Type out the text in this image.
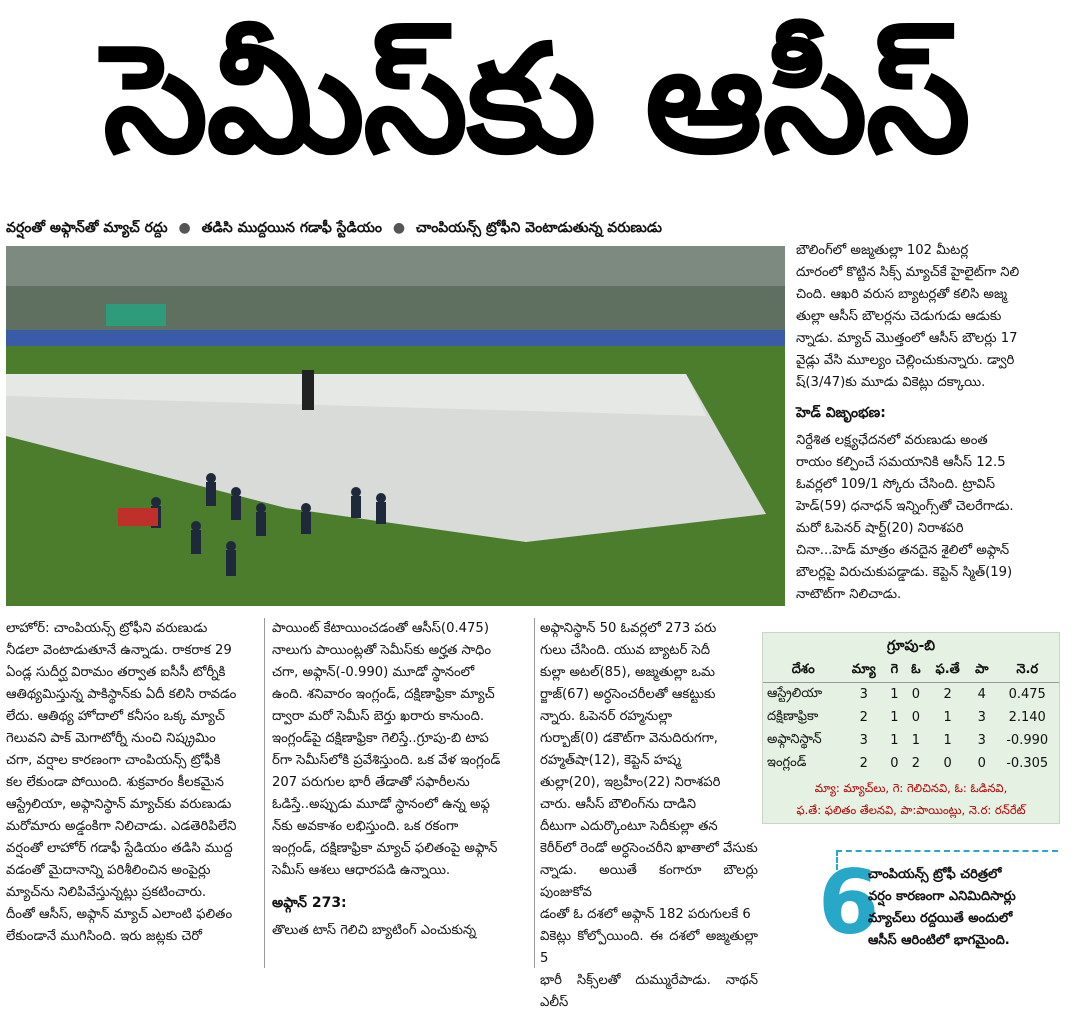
సెమీస్‌కు ఆసీస్
వర్షంతో అఫ్గాన్‌తో మ్యాచ్ రద్దు ● తడిసి ముద్దయిన గడాఫీ స్టేడియం ● చాంపియన్స్ ట్రోఫీని వెంటాడుతున్న వరుణుడు

బౌలింగ్‌లో అజ్మతుల్లా 102 మీటర్ల

దూరంలో కొట్టిన సిక్స్ మ్యాచ్‌కే హైలైట్‌గా నిలి

చింది. ఆఖరి వరుస బ్యాటర్లతో కలిసి అజ్మ

తుల్లా ఆసీస్ బౌలర్లను చెడుగుడు ఆడుకు

న్నాడు. మ్యాచ్ మొత్తంలో ఆసీస్ బౌలర్లు 17

వైడ్లు వేసి మూల్యం చెల్లించుకున్నారు. డ్వారి

ష్(3/47)కు మూడు వికెట్లు దక్కాయి.

హెడ్ విజృంభణ:

నిర్దేశిత లక్ష్యఛేదనలో వరుణుడు అంత

రాయం కల్పించే సమయానికి ఆసీస్ 12.5

ఓవర్లలో 109/1 స్కోరు చేసింది. ట్రావిస్

హెడ్(59) ధనాధన్ ఇన్నింగ్స్‌తో చెలరేగాడు.

మరో ఓపెనర్ షార్ట్(20) నిరాశపరి

చినా...హెడ్ మాత్రం తనదైన శైలిలో అఫ్గాన్

బౌలర్లపై విరుచుకుపడ్డాడు. కెప్టెన్ స్మిత్(19)

నాటౌట్‌గా నిలిచాడు.

లాహోర్: చాంపియన్స్ ట్రోఫీని వరుణుడు

నీడలా వెంటాడుతూనే ఉన్నాడు. రాకరాక 29

ఏండ్ల సుదీర్ఘ విరామం తర్వాత ఐసీసీ టోర్నీకి

ఆతిథ్యమిస్తున్న పాకిస్థాన్‌కు ఏదీ కలిసి రావడం

లేదు. ఆతిథ్య హోదాలో కనీసం ఒక్క మ్యాచ్

గెలువని పాక్ మెగాటోర్నీ నుంచి నిష్క్రమిం

చగా, వర్షాల కారణంగా చాంపియన్స్ ట్రోఫీకి

కల లేకుండా పోయింది. శుక్రవారం కీలకమైన

ఆస్ట్రేలియా, అఫ్గానిస్థాన్ మ్యాచ్‌కు వరుణుడు

మరోమారు అడ్డంకిగా నిలిచాడు. ఎడతెరిపిలేని

వర్షంతో లాహోర్ గడాఫీ స్టేడియం తడిసి ముద్ద

వడంతో మైదానాన్ని పరిశీలించిన అంపైర్లు

మ్యాచ్‌ను నిలిపివేస్తున్నట్లు ప్రకటించారు.

దీంతో ఆసీస్, అఫ్గాన్ మ్యాచ్ ఎలాంటి ఫలితం

లేకుండానే ముగిసింది. ఇరు జట్లకు చెరో

పాయింట్ కేటాయించడంతో ఆసీస్(0.475)

నాలుగు పాయింట్లతో సెమీస్‌కు అర్హత సాధిం

చగా, అఫ్గాన్(-0.990) మూడో స్థానంలో

ఉంది. శనివారం ఇంగ్లండ్, దక్షిణాఫ్రికా మ్యాచ్

ద్వారా మరో సెమీస్ బెర్తు ఖరారు కానుంది.

ఇంగ్లండ్‌పై దక్షిణాఫ్రికా గెలిస్తే..గ్రూపు-బి టాప

ర్‌గా సెమీస్‌లోకి ప్రవేశిస్తుంది. ఒక వేళ ఇంగ్లండ్

207 పరుగుల భారీ తేడాతో సఫారీలను

ఓడిస్తే..అప్పుడు మూడో స్థానంలో ఉన్న అఫ్గ

న్‌కు అవకాశం లభిస్తుంది. ఒక రకంగా

ఇంగ్లండ్, దక్షిణాఫ్రికా మ్యాచ్ ఫలితంపై అఫ్గాన్

సెమీస్ ఆశలు ఆధారపడి ఉన్నాయి.

అఫ్గాన్ 273:

తొలుత టాస్ గెలిచి బ్యాటింగ్ ఎంచుకున్న

అఫ్గానిస్థాన్ 50 ఓవర్లలో 273 పరు

గులు చేసింది. యువ బ్యాటర్ సెదీ

కుల్లా అటల్(85), అజ్మతుల్లా ఒమ

ర్జాజ్(67) అర్ధసెంచరీలతో ఆకట్టుకు

న్నారు. ఓపెనర్ రహ్మనుల్లా

గుర్బాజ్(0) డకౌట్‌గా వెనుదిరుగగా,

రహ్మత్‌షా(12), కెప్టెన్ హష్మ

తుల్లా(20), ఇబ్రహీం(22) నిరాశపరి

చారు. ఆసీస్ బౌలింగ్‌ను దాడిని

దీటుగా ఎదుర్కొంటూ సెదీకుల్లా తన

కెరీర్‌లో రెండో అర్ధసెంచరీని ఖాతాలో వేసుకు

న్నాడు. అయితే కంగారూ బౌలర్లు పుంజుకోవ

డంతో ఓ దశలో అఫ్గాన్ 182 పరుగులకే 6

వికెట్లు కోల్పోయింది. ఈ దశలో అజ్మతుల్లా 5

భారీ సిక్స్‌లతో దుమ్మురేపాడు. నాథన్ ఎలీస్

గ్రూపు-బి
దేశం	మ్యా	గె	ఓ	ఫ.తే	పా	నె.ర
ఆస్ట్రేలియా	3	1	0	2	4	0.475
దక్షిణాఫ్రికా	2	1	0	1	3	2.140
అఫ్గానిస్థాన్	3	1	1	1	3	-0.990
ఇంగ్లండ్	2	0	2	0	0	-0.305
మ్యా: మ్యాచ్‌లు, గె: గెలిచినవి, ఓ: ఓడినవి,
ఫ.తే: ఫలితం తేలనవి, పా:పాయింట్లు, నె.ర: రన్‌రేట్
6
చాంపియన్స్ ట్రోఫీ చరిత్రలో
వర్షం కారణంగా ఎనిమిదిసార్లు
మ్యాచ్‌లు రద్దయితే అందులో
ఆసీస్ ఆరింటిలో భాగమైంది.
